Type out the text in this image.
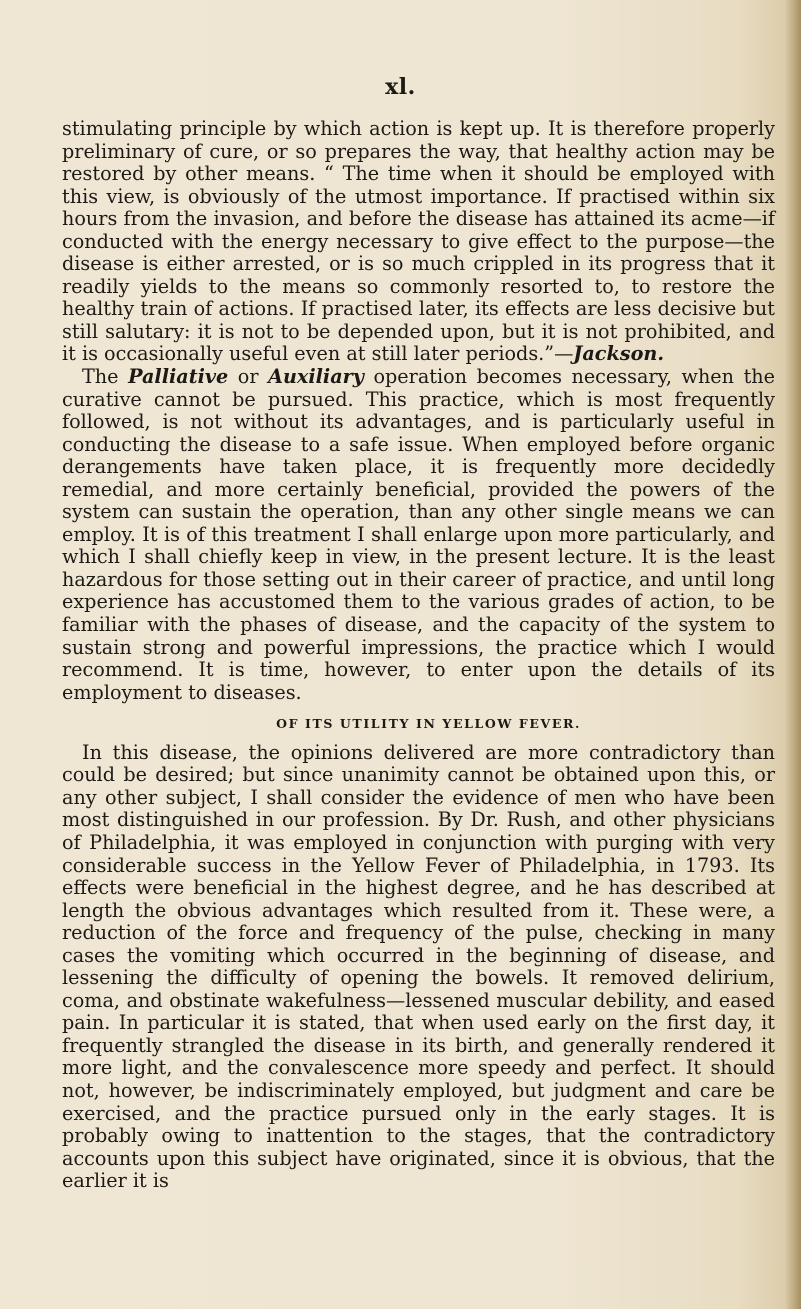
xl.

stimulating principle by which action is kept up. It is therefore properly preliminary of cure, or so prepares the way, that healthy action may be restored by other means. “ The time when it should be employed with this view, is obviously of the utmost importance. If practised within six hours from the invasion, and before the disease has attained its acme—if conducted with the energy necessary to give effect to the purpose—the disease is either arrested, or is so much crippled in its progress that it readily yields to the means so commonly resorted to, to restore the healthy train of actions. If practised later, its effects are less decisive but still salutary: it is not to be depended upon, but it is not prohibited, and it is occasionally useful even at still later periods.”—Jackson.

The Palliative or Auxiliary operation becomes necessary, when the curative cannot be pursued. This practice, which is most frequently followed, is not without its advantages, and is particularly useful in conducting the disease to a safe issue. When employed before organic derangements have taken place, it is frequently more decidedly remedial, and more certainly beneficial, provided the powers of the system can sustain the operation, than any other single means we can employ. It is of this treatment I shall enlarge upon more particularly, and which I shall chiefly keep in view, in the present lecture. It is the least hazardous for those setting out in their career of practice, and until long experience has accustomed them to the various grades of action, to be familiar with the phases of disease, and the capacity of the system to sustain strong and powerful impressions, the practice which I would recommend. It is time, however, to enter upon the details of its employment to diseases.

OF ITS UTILITY IN YELLOW FEVER.

In this disease, the opinions delivered are more contradictory than could be desired; but since unanimity cannot be obtained upon this, or any other subject, I shall consider the evidence of men who have been most distinguished in our profession. By Dr. Rush, and other physicians of Philadelphia, it was employed in conjunction with purging with very considerable success in the Yellow Fever of Philadelphia, in 1793. Its effects were beneficial in the highest degree, and he has described at length the obvious advantages which resulted from it. These were, a reduction of the force and frequency of the pulse, checking in many cases the vomiting which occurred in the beginning of disease, and lessening the difficulty of opening the bowels. It removed delirium, coma, and obstinate wakefulness—lessened muscular debility, and eased pain. In particular it is stated, that when used early on the first day, it frequently strangled the disease in its birth, and generally rendered it more light, and the convalescence more speedy and perfect. It should not, however, be indiscriminately employed, but judgment and care be exercised, and the practice pursued only in the early stages. It is probably owing to inattention to the stages, that the contradictory accounts upon this subject have originated, since it is obvious, that the earlier it is
